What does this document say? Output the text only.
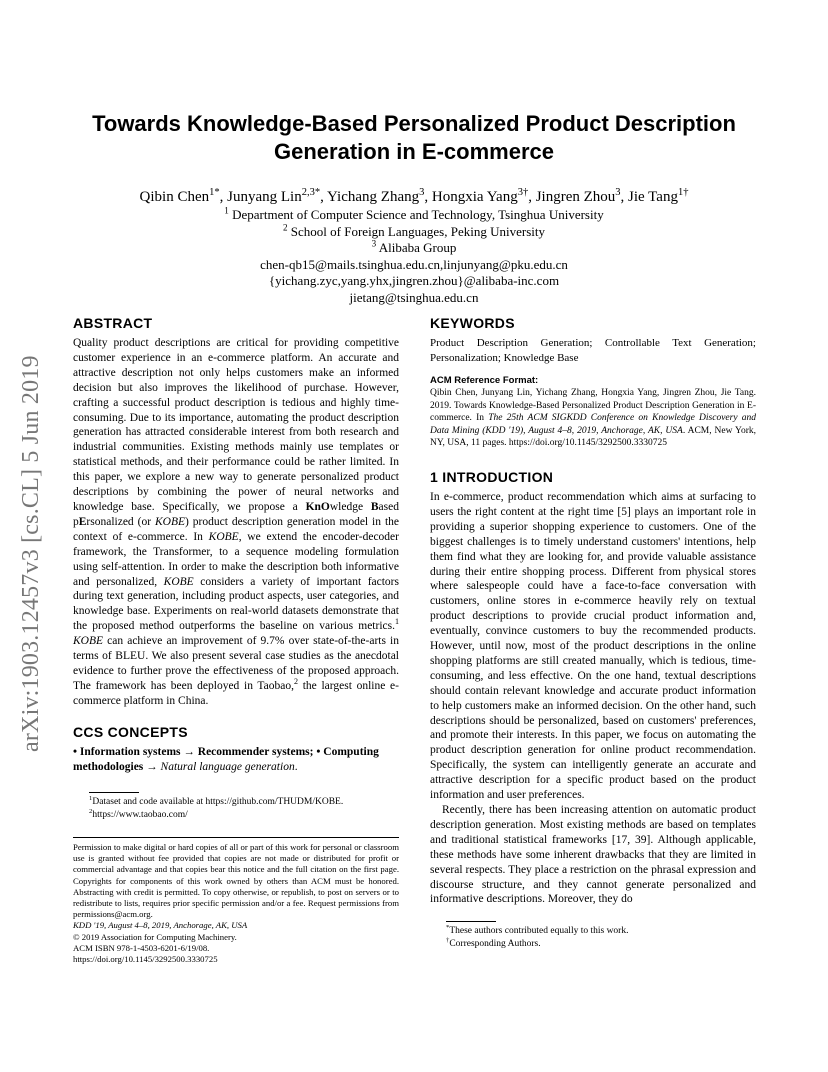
arXiv:1903.12457v3 [cs.CL] 5 Jun 2019
Towards Knowledge-Based Personalized Product Description
Generation in E-commerce
Qibin Chen$^{1*}$, Junyang Lin$^{2,3*}$, Yichang Zhang$^3$, Hongxia Yang$^{3\dagger}$, Jingren Zhou$^3$, Jie Tang$^{1\dagger}$
$^1$ Department of Computer Science and Technology, Tsinghua University
$^2$ School of Foreign Languages, Peking University
$^3$ Alibaba Group
chen-qb15@mails.tsinghua.edu.cn,linjunyang@pku.edu.cn
{yichang.zyc,yang.yhx,jingren.zhou}@alibaba-inc.com
jietang@tsinghua.edu.cn
ABSTRACT

Quality product descriptions are critical for providing competitive customer experience in an e-commerce platform. An accurate and attractive description not only helps customers make an informed decision but also improves the likelihood of purchase. However, crafting a successful product description is tedious and highly time-consuming. Due to its importance, automating the product description generation has attracted considerable interest from both research and industrial communities. Existing methods mainly use templates or statistical methods, and their performance could be rather limited. In this paper, we explore a new way to generate personalized product descriptions by combining the power of neural networks and knowledge base. Specifically, we propose a KnOwledge Based pErsonalized (or KOBE) product description generation model in the context of e-commerce. In KOBE, we extend the encoder-decoder framework, the Transformer, to a sequence modeling formulation using self-attention. In order to make the description both informative and personalized, KOBE considers a variety of important factors during text generation, including product aspects, user categories, and knowledge base. Experiments on real-world datasets demonstrate that the proposed method outperforms the baseline on various metrics.$^1$ KOBE can achieve an improvement of 9.7% over state-of-the-arts in terms of BLEU. We also present several case studies as the anecdotal evidence to further prove the effectiveness of the proposed approach. The framework has been deployed in Taobao,$^2$ the largest online e-commerce platform in China.

CCS CONCEPTS

• Information systems → Recommender systems; • Computing methodologies → Natural language generation.

$^1$Dataset and code available at https://github.com/THUDM/KOBE.

$^2$https://www.taobao.com/

Permission to make digital or hard copies of all or part of this work for personal or classroom use is granted without fee provided that copies are not made or distributed for profit or commercial advantage and that copies bear this notice and the full citation on the first page. Copyrights for components of this work owned by others than ACM must be honored. Abstracting with credit is permitted. To copy otherwise, or republish, to post on servers or to redistribute to lists, requires prior specific permission and/or a fee. Request permissions from permissions@acm.org.

KDD '19, August 4–8, 2019, Anchorage, AK, USA

© 2019 Association for Computing Machinery.

ACM ISBN 978-1-4503-6201-6/19/08.

https://doi.org/10.1145/3292500.3330725

KEYWORDS

Product Description Generation; Controllable Text Generation; Personalization; Knowledge Base

ACM Reference Format:

Qibin Chen, Junyang Lin, Yichang Zhang, Hongxia Yang, Jingren Zhou, Jie Tang. 2019. Towards Knowledge-Based Personalized Product Description Generation in E-commerce. In The 25th ACM SIGKDD Conference on Knowledge Discovery and Data Mining (KDD '19), August 4–8, 2019, Anchorage, AK, USA. ACM, New York, NY, USA, 11 pages. https://doi.org/10.1145/3292500.3330725

1 INTRODUCTION

In e-commerce, product recommendation which aims at surfacing to users the right content at the right time [5] plays an important role in providing a superior shopping experience to customers. One of the biggest challenges is to timely understand customers' intentions, help them find what they are looking for, and provide valuable assistance during their entire shopping process. Different from physical stores where salespeople could have a face-to-face conversation with customers, online stores in e-commerce heavily rely on textual product descriptions to provide crucial product information and, eventually, convince customers to buy the recommended products. However, until now, most of the product descriptions in the online shopping platforms are still created manually, which is tedious, time-consuming, and less effective. On the one hand, textual descriptions should contain relevant knowledge and accurate product information to help customers make an informed decision. On the other hand, such descriptions should be personalized, based on customers' preferences, and promote their interests. In this paper, we focus on automating the product description generation for online product recommendation. Specifically, the system can intelligently generate an accurate and attractive description for a specific product based on the product information and user preferences.

Recently, there has been increasing attention on automatic product description generation. Most existing methods are based on templates and traditional statistical frameworks [17, 39]. Although applicable, these methods have some inherent drawbacks that they are limited in several respects. They place a restriction on the phrasal expression and discourse structure, and they cannot generate personalized and informative descriptions. Moreover, they do

*These authors contributed equally to this work.

†Corresponding Authors.
